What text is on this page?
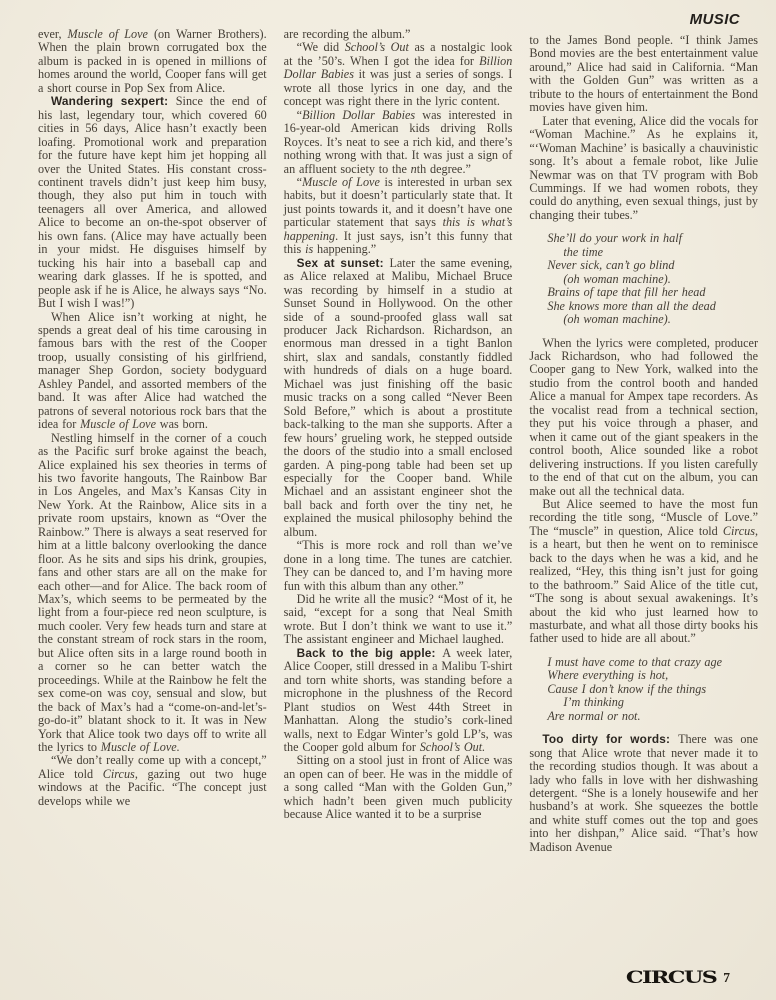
MUSIC

ever, Muscle of Love (on Warner Brothers). When the plain brown corrugated box the album is packed in is opened in millions of homes around the world, Cooper fans will get a short course in Pop Sex from Alice.

Wandering sexpert: Since the end of his last, legendary tour, which covered 60 cities in 56 days, Alice hasn’t exactly been loafing. Promotional work and preparation for the future have kept him jet hopping all over the United States. His constant cross-continent travels didn’t just keep him busy, though, they also put him in touch with teenagers all over America, and allowed Alice to become an on-the-spot observer of his own fans. (Alice may have actually been in your midst. He disguises himself by tucking his hair into a baseball cap and wearing dark glasses. If he is spotted, and people ask if he is Alice, he always says “No. But I wish I was!”)

When Alice isn’t working at night, he spends a great deal of his time carousing in famous bars with the rest of the Cooper troop, usually consisting of his girlfriend, manager Shep Gordon, society bodyguard Ashley Pandel, and assorted members of the band. It was after Alice had watched the patrons of several notorious rock bars that the idea for Muscle of Love was born.

Nestling himself in the corner of a couch as the Pacific surf broke against the beach, Alice explained his sex theories in terms of his two favorite hangouts, The Rainbow Bar in Los Angeles, and Max’s Kansas City in New York. At the Rainbow, Alice sits in a private room upstairs, known as “Over the Rainbow.” There is always a seat reserved for him at a little balcony overlooking the dance floor. As he sits and sips his drink, groupies, fans and other stars are all on the make for each other—and for Alice. The back room of Max’s, which seems to be permeated by the light from a four-piece red neon sculpture, is much cooler. Very few heads turn and stare at the constant stream of rock stars in the room, but Alice often sits in a large round booth in a corner so he can better watch the proceedings. While at the Rainbow he felt the sex come-on was coy, sensual and slow, but the back of Max’s had a “come-on-and-let’s-go-do-it” blatant shock to it. It was in New York that Alice took two days off to write all the lyrics to Muscle of Love.

“We don’t really come up with a concept,” Alice told Circus, gazing out two huge windows at the Pacific. “The concept just develops while we

are recording the album.”

“We did School’s Out as a nostalgic look at the ’50’s. When I got the idea for Billion Dollar Babies it was just a series of songs. I wrote all those lyrics in one day, and the concept was right there in the lyric content.

“Billion Dollar Babies was interested in 16-year-old American kids driving Rolls Royces. It’s neat to see a rich kid, and there’s nothing wrong with that. It was just a sign of an affluent society to the nth degree.”

“Muscle of Love is interested in urban sex habits, but it doesn’t particularly state that. It just points towards it, and it doesn’t have one particular statement that says this is what’s happening. It just says, isn’t this funny that this is happening.”

Sex at sunset: Later the same evening, as Alice relaxed at Malibu, Michael Bruce was recording by himself in a studio at Sunset Sound in Hollywood. On the other side of a sound-proofed glass wall sat producer Jack Richardson. Richardson, an enormous man dressed in a tight Banlon shirt, slax and sandals, constantly fiddled with hundreds of dials on a huge board. Michael was just finishing off the basic music tracks on a song called “Never Been Sold Before,” which is about a prostitute back-talking to the man she supports. After a few hours’ grueling work, he stepped outside the doors of the studio into a small enclosed garden. A ping-pong table had been set up especially for the Cooper band. While Michael and an assistant engineer shot the ball back and forth over the tiny net, he explained the musical philosophy behind the album.

“This is more rock and roll than we’ve done in a long time. The tunes are catchier. They can be danced to, and I’m having more fun with this album than any other.”

Did he write all the music? “Most of it, he said, “except for a song that Neal Smith wrote. But I don’t think we want to use it.” The assistant engineer and Michael laughed.

Back to the big apple: A week later, Alice Cooper, still dressed in a Malibu T-shirt and torn white shorts, was standing before a microphone in the plushness of the Record Plant studios on West 44th Street in Manhattan. Along the studio’s cork-lined walls, next to Edgar Winter’s gold LP’s, was the Cooper gold album for School’s Out.

Sitting on a stool just in front of Alice was an open can of beer. He was in the middle of a song called “Man with the Golden Gun,” which hadn’t been given much publicity because Alice wanted it to be a surprise

to the James Bond people. “I think James Bond movies are the best entertainment value around,” Alice had said in California. “Man with the Golden Gun” was written as a tribute to the hours of entertainment the Bond movies have given him.

Later that evening, Alice did the vocals for “Woman Machine.” As he explains it, “‘Woman Machine’ is basically a chauvinistic song. It’s about a female robot, like Julie Newmar was on that TV program with Bob Cummings. If we had women robots, they could do anything, even sexual things, just by changing their tubes.”

She’ll do your work in half
the time
Never sick, can’t go blind
(oh woman machine).
Brains of tape that fill her head
She knows more than all the dead
(oh woman machine).

When the lyrics were completed, producer Jack Richardson, who had followed the Cooper gang to New York, walked into the studio from the control booth and handed Alice a manual for Ampex tape recorders. As the vocalist read from a technical section, they put his voice through a phaser, and when it came out of the giant speakers in the control booth, Alice sounded like a robot delivering instructions. If you listen carefully to the end of that cut on the album, you can make out all the technical data.

But Alice seemed to have the most fun recording the title song, “Muscle of Love.” The “muscle” in question, Alice told Circus, is a heart, but then he went on to reminisce back to the days when he was a kid, and he realized, “Hey, this thing isn’t just for going to the bathroom.” Said Alice of the title cut, “The song is about sexual awakenings. It’s about the kid who just learned how to masturbate, and what all those dirty books his father used to hide are all about.”

I must have come to that crazy age
Where everything is hot,
Cause I don’t know if the things
I’m thinking
Are normal or not.

Too dirty for words: There was one song that Alice wrote that never made it to the recording studios though. It was about a lady who falls in love with her dishwashing detergent. “She is a lonely housewife and her husband’s at work. She squeezes the bottle and white stuff comes out the top and goes into her dishpan,” Alice said. “That’s how Madison Avenue

CIRCUS 7
